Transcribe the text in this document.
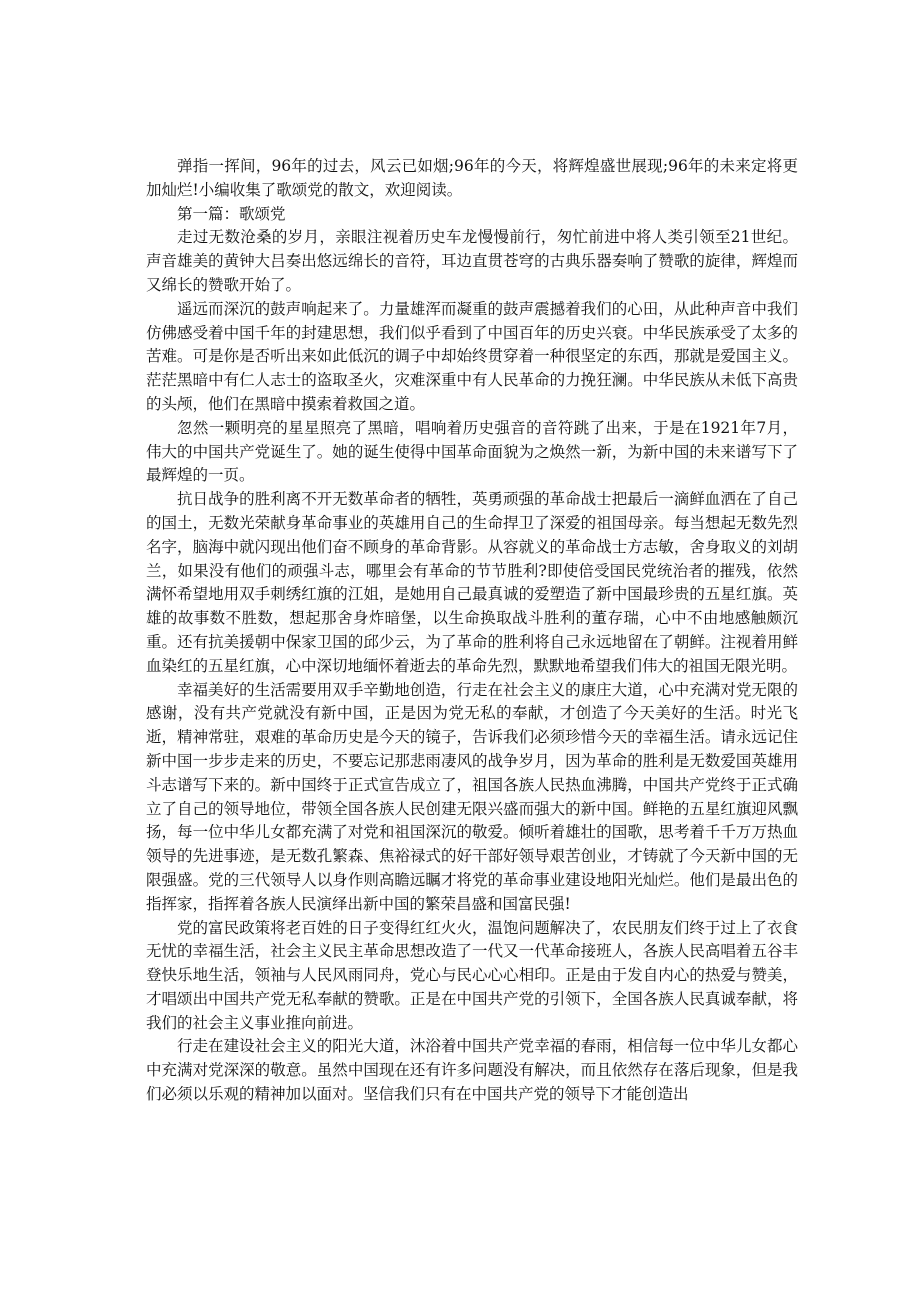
弹指一挥间，96年的过去，风云已如烟;96年的今天，将辉煌盛世展现;96年的未来定将更加灿烂!小编收集了歌颂党的散文，欢迎阅读。

第一篇：歌颂党

走过无数沧桑的岁月，亲眼注视着历史车龙慢慢前行，匆忙前进中将人类引领至21世纪。声音雄美的黄钟大吕奏出悠远绵长的音符，耳边直贯苍穹的古典乐器奏响了赞歌的旋律，辉煌而又绵长的赞歌开始了。

遥远而深沉的鼓声响起来了。力量雄浑而凝重的鼓声震撼着我们的心田，从此种声音中我们仿佛感受着中国千年的封建思想，我们似乎看到了中国百年的历史兴衰。中华民族承受了太多的苦难。可是你是否听出来如此低沉的调子中却始终贯穿着一种很坚定的东西，那就是爱国主义。茫茫黑暗中有仁人志士的盗取圣火，灾难深重中有人民革命的力挽狂澜。中华民族从未低下高贵的头颅，他们在黑暗中摸索着救国之道。

忽然一颗明亮的星星照亮了黑暗，唱响着历史强音的音符跳了出来，于是在1921年7月，伟大的中国共产党诞生了。她的诞生使得中国革命面貌为之焕然一新，为新中国的未来谱写下了最辉煌的一页。

抗日战争的胜利离不开无数革命者的牺牲，英勇顽强的革命战士把最后一滴鲜血洒在了自己的国土，无数光荣献身革命事业的英雄用自己的生命捍卫了深爱的祖国母亲。每当想起无数先烈名字，脑海中就闪现出他们奋不顾身的革命背影。从容就义的革命战士方志敏，舍身取义的刘胡兰，如果没有他们的顽强斗志，哪里会有革命的节节胜利?即使倍受国民党统治者的摧残，依然满怀希望地用双手刺绣红旗的江姐，是她用自己最真诚的爱塑造了新中国最珍贵的五星红旗。英雄的故事数不胜数，想起那舍身炸暗堡，以生命换取战斗胜利的董存瑞，心中不由地感触颇沉重。还有抗美援朝中保家卫国的邱少云，为了革命的胜利将自己永远地留在了朝鲜。注视着用鲜血染红的五星红旗，心中深切地缅怀着逝去的革命先烈，默默地希望我们伟大的祖国无限光明。

幸福美好的生活需要用双手辛勤地创造，行走在社会主义的康庄大道，心中充满对党无限的感谢，没有共产党就没有新中国，正是因为党无私的奉献，才创造了今天美好的生活。时光飞逝，精神常驻，艰难的革命历史是今天的镜子，告诉我们必须珍惜今天的幸福生活。请永远记住新中国一步步走来的历史，不要忘记那悲雨凄风的战争岁月，因为革命的胜利是无数爱国英雄用斗志谱写下来的。新中国终于正式宣告成立了，祖国各族人民热血沸腾，中国共产党终于正式确立了自己的领导地位，带领全国各族人民创建无限兴盛而强大的新中国。鲜艳的五星红旗迎风飘扬，每一位中华儿女都充满了对党和祖国深沉的敬爱。倾听着雄壮的国歌，思考着千千万万热血领导的先进事迹，是无数孔繁森、焦裕禄式的好干部好领导艰苦创业，才铸就了今天新中国的无限强盛。党的三代领导人以身作则高瞻远瞩才将党的革命事业建设地阳光灿烂。他们是最出色的指挥家，指挥着各族人民演绎出新中国的繁荣昌盛和国富民强!

党的富民政策将老百姓的日子变得红红火火，温饱问题解决了，农民朋友们终于过上了衣食无忧的幸福生活，社会主义民主革命思想改造了一代又一代革命接班人，各族人民高唱着五谷丰登快乐地生活，领袖与人民风雨同舟，党心与民心心心相印。正是由于发自内心的热爱与赞美，才唱颂出中国共产党无私奉献的赞歌。正是在中国共产党的引领下，全国各族人民真诚奉献，将我们的社会主义事业推向前进。

行走在建设社会主义的阳光大道，沐浴着中国共产党幸福的春雨，相信每一位中华儿女都心中充满对党深深的敬意。虽然中国现在还有许多问题没有解决，而且依然存在落后现象，但是我们必须以乐观的精神加以面对。坚信我们只有在中国共产党的领导下才能创造出
